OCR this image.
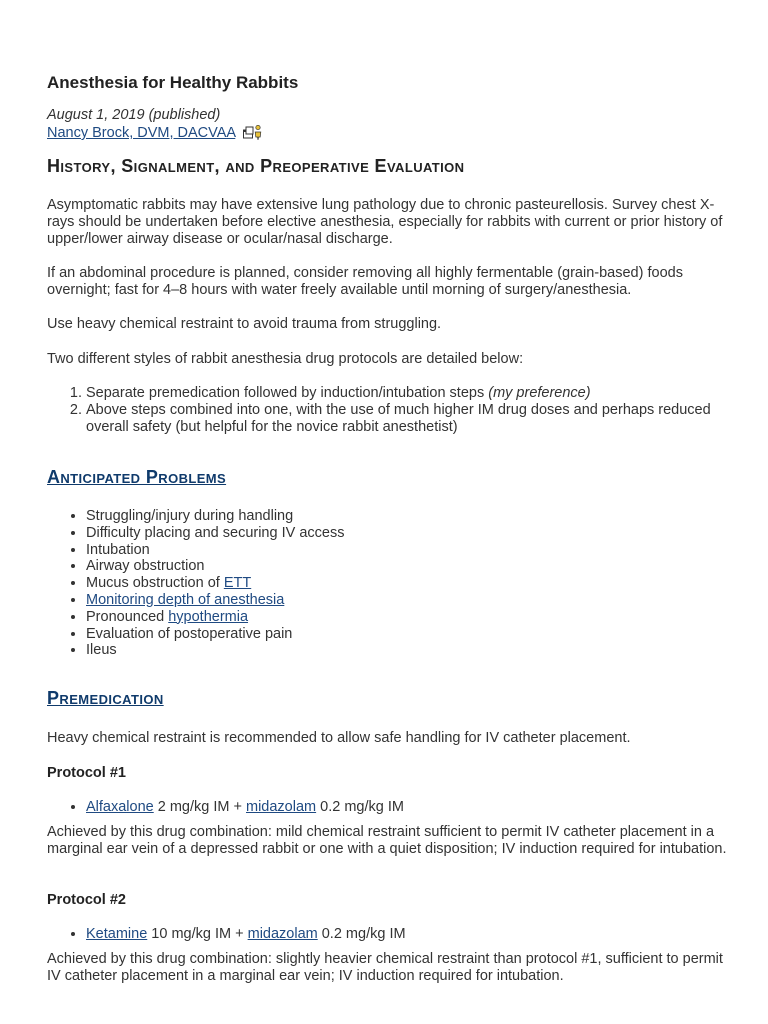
Anesthesia for Healthy Rabbits
August 1, 2019 (published)
Nancy Brock, DVM, DACVAA
History, Signalment, and Preoperative Evaluation

Asymptomatic rabbits may have extensive lung pathology due to chronic pasteurellosis. Survey chest X-rays should be undertaken before elective anesthesia, especially for rabbits with current or prior history of upper/lower airway disease or ocular/nasal discharge.

If an abdominal procedure is planned, consider removing all highly fermentable (grain-based) foods overnight; fast for 4–8 hours with water freely available until morning of surgery/anesthesia.

Use heavy chemical restraint to avoid trauma from struggling.

Two different styles of rabbit anesthesia drug protocols are detailed below:

1. Separate premedication followed by induction/intubation steps (my preference)
2. Above steps combined into one, with the use of much higher IM drug doses and perhaps reduced overall safety (but helpful for the novice rabbit anesthetist)
Anticipated Problems
• Struggling/injury during handling
• Difficulty placing and securing IV access
• Intubation
• Airway obstruction
• Mucus obstruction of ETT
• Monitoring depth of anesthesia
• Pronounced hypothermia
• Evaluation of postoperative pain
• Ileus
Premedication

Heavy chemical restraint is recommended to allow safe handling for IV catheter placement.

Protocol #1
• Alfaxalone 2 mg/kg IM + midazolam 0.2 mg/kg IM

Achieved by this drug combination: mild chemical restraint sufficient to permit IV catheter placement in a marginal ear vein of a depressed rabbit or one with a quiet disposition; IV induction required for intubation.

Protocol #2
• Ketamine 10 mg/kg IM + midazolam 0.2 mg/kg IM

Achieved by this drug combination: slightly heavier chemical restraint than protocol #1, sufficient to permit IV catheter placement in a marginal ear vein; IV induction required for intubation.
